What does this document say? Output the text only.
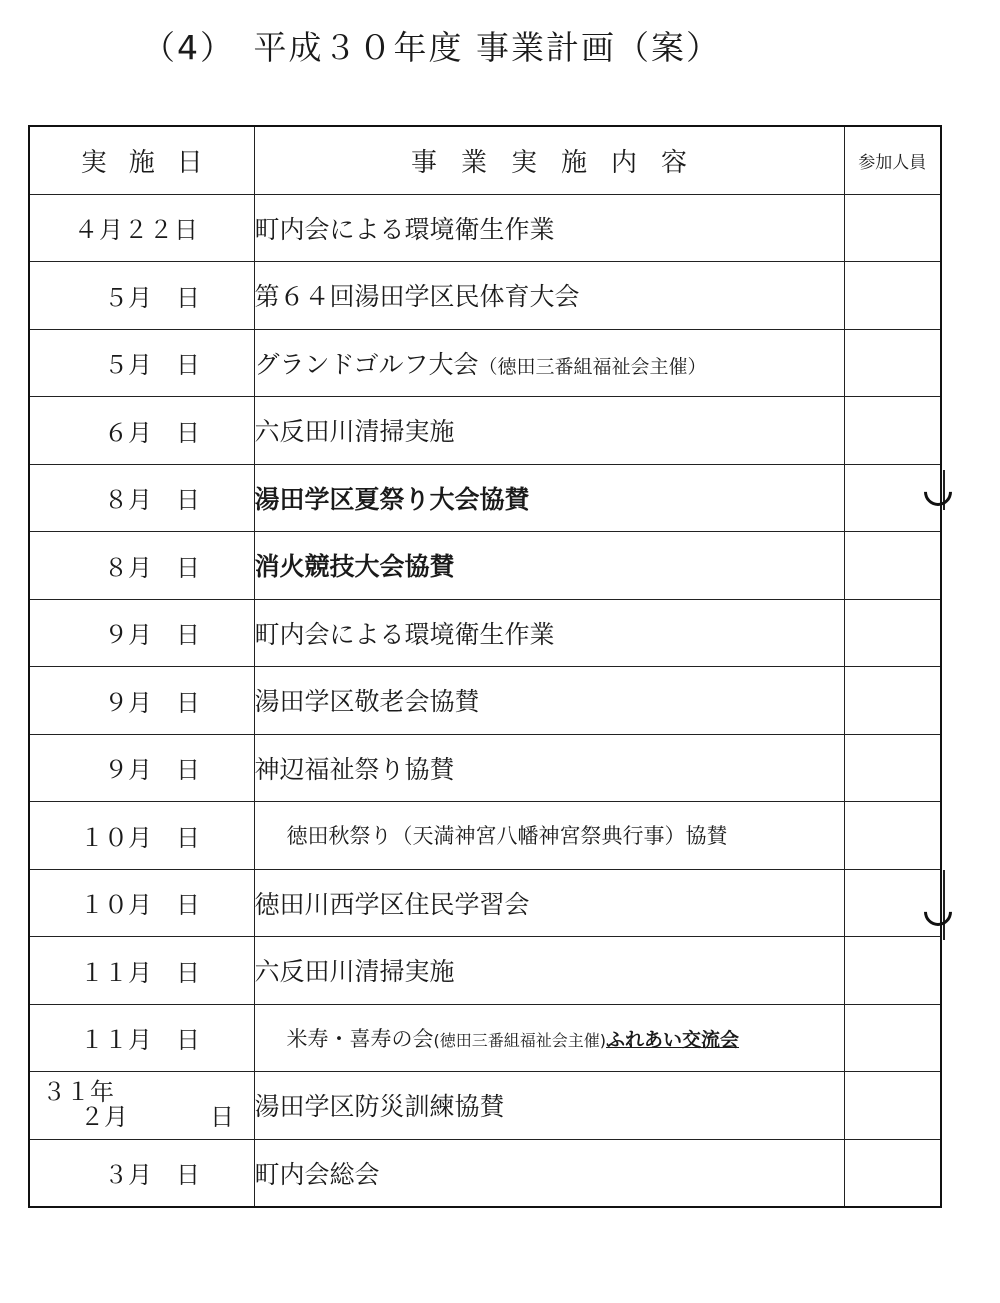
（4）　平成３０年度 事業計画（案）
実施日	事業実施内容	参加人員

４月２２日	町内会による環境衛生作業	

５月 日	第６４回湯田学区民体育大会	

５月 日	グランドゴルフ大会（徳田三番組福祉会主催）	

６月 日	六反田川清掃実施	

８月 日	湯田学区夏祭り大会協賛	

８月 日	消火競技大会協賛	

９月 日	町内会による環境衛生作業	

９月 日	湯田学区敬老会協賛	

９月 日	神辺福祉祭り協賛	

１０月 日	徳田秋祭り（天満神宮八幡神宮祭典行事）協賛	

１０月 日	徳田川西学区住民学習会	

１１月 日	六反田川清掃実施	

１１月 日	米寿・喜寿の会(徳田三番組福祉会主催)ふれあい交流会	

３１年
２月 日	湯田学区防災訓練協賛	

３月 日	町内会総会	
